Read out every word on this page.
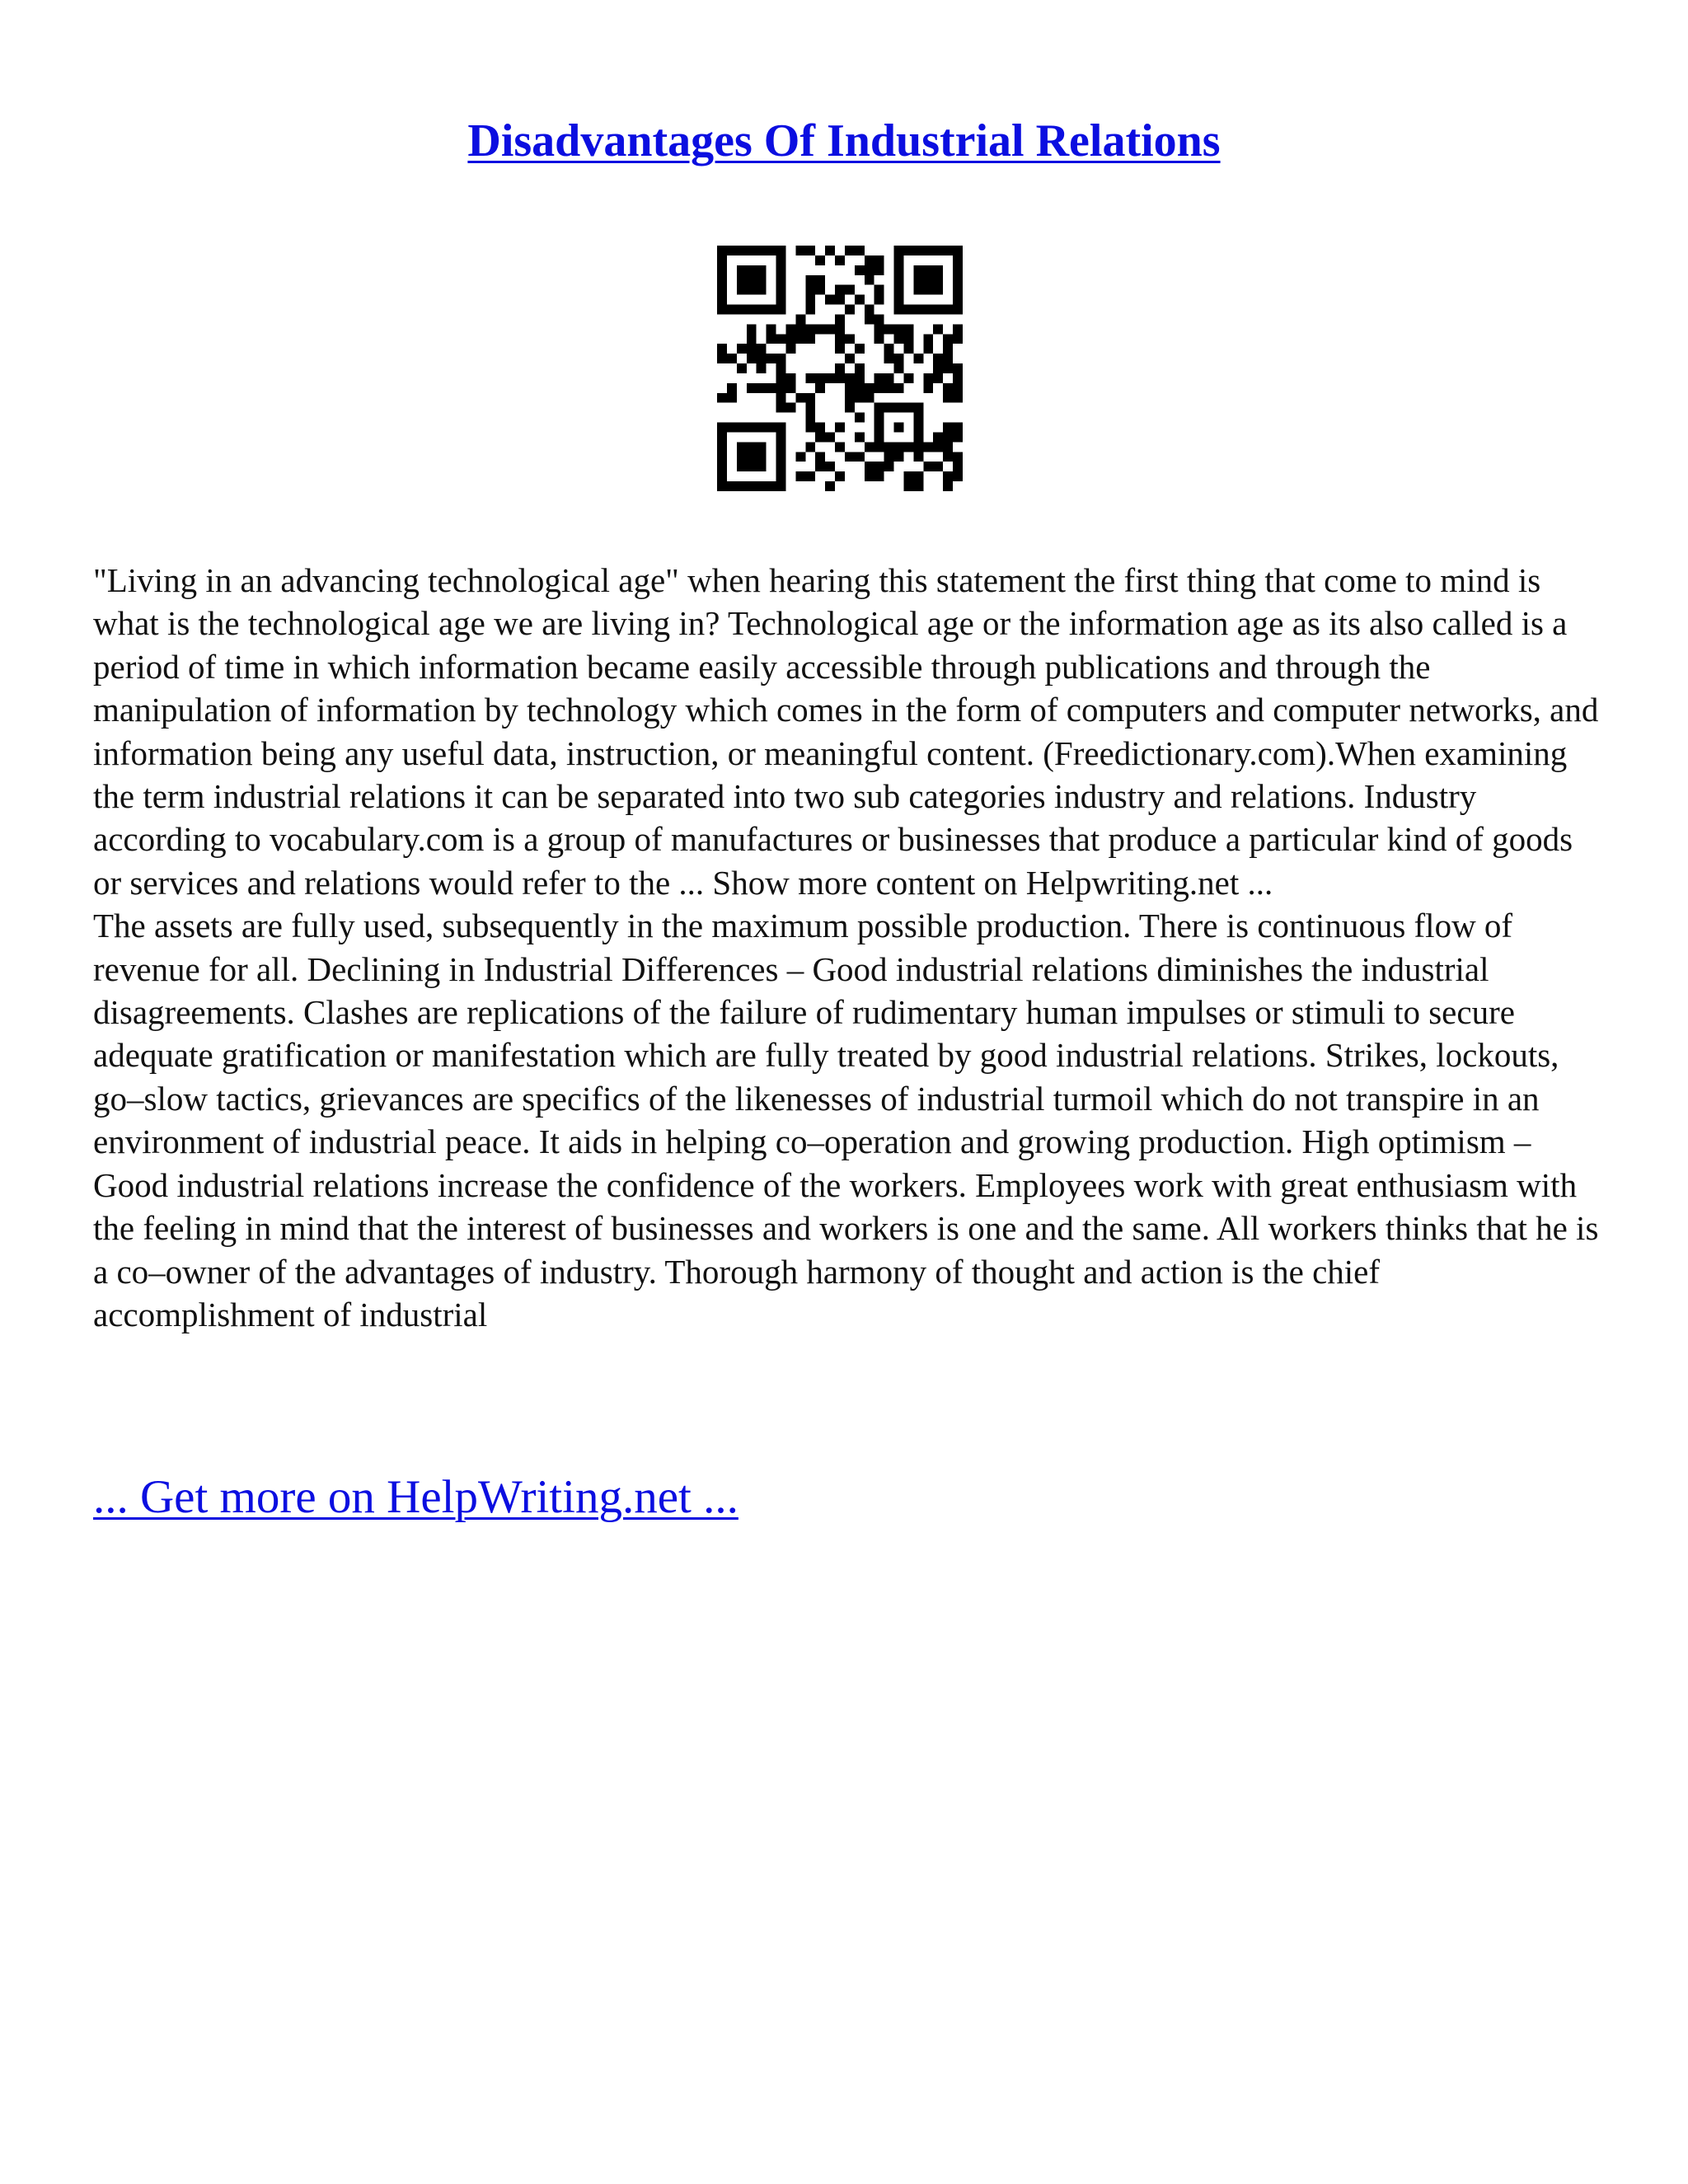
Disadvantages Of Industrial Relations

"Living in an advancing technological age" when hearing this statement the first thing that come to mind is what is the technological age we are living in? Technological age or the information age as its also called is a period of time in which information became easily accessible through publications and through the manipulation of information by technology which comes in the form of computers and computer networks, and information being any useful data, instruction, or meaningful content. (Freedictionary.com).When examining the term industrial relations it can be separated into two sub categories industry and relations. Industry according to vocabulary.com is a group of manufactures or businesses that produce a particular kind of goods or services and relations would refer to the ... Show more content on Helpwriting.net ...

The assets are fully used, subsequently in the maximum possible production. There is continuous flow of revenue for all. Declining in Industrial Differences – Good industrial relations diminishes the industrial disagreements. Clashes are replications of the failure of rudimentary human impulses or stimuli to secure adequate gratification or manifestation which are fully treated by good industrial relations. Strikes, lockouts, go–slow tactics, grievances are specifics of the likenesses of industrial turmoil which do not transpire in an environment of industrial peace. It aids in helping co–operation and growing production. High optimism – Good industrial relations increase the confidence of the workers. Employees work with great enthusiasm with the feeling in mind that the interest of businesses and workers is one and the same. All workers thinks that he is a co–owner of the advantages of industry. Thorough harmony of thought and action is the chief accomplishment of industrial

... Get more on HelpWriting.net ...
